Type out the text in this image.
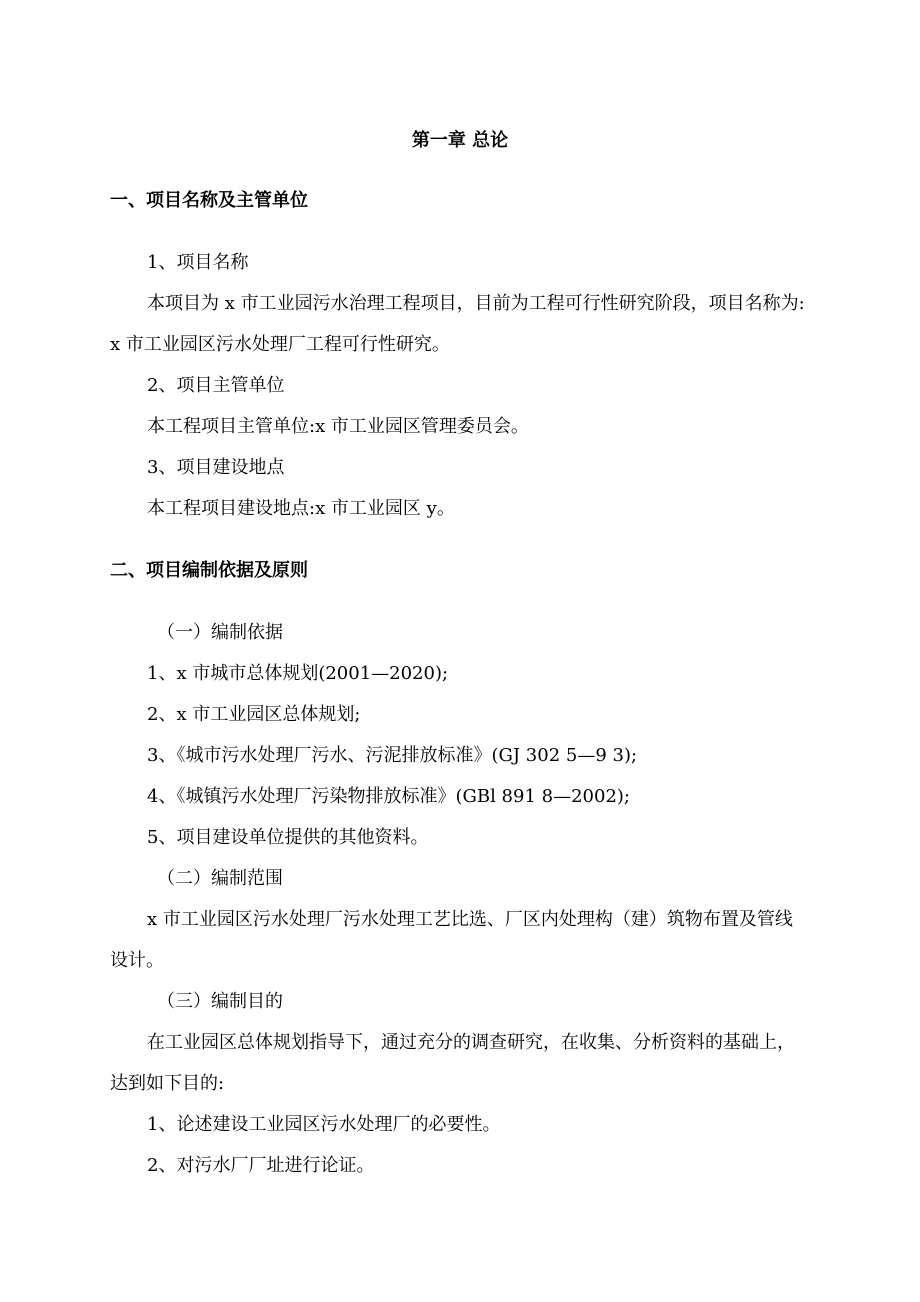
第一章 总论

一、项目名称及主管单位

1、项目名称

本项目为 x 市工业园污水治理工程项目，目前为工程可行性研究阶段，项目名称为:

x 市工业园区污水处理厂工程可行性研究。

2、项目主管单位

本工程项目主管单位:x 市工业园区管理委员会。

3、项目建设地点

本工程项目建设地点:x 市工业园区 y。

二、项目编制依据及原则

（一）编制依据

1、x 市城市总体规划(2001—2020);

2、x 市工业园区总体规划;

3、《城市污水处理厂污水、污泥排放标准》(GJ 302 5—9 3);

4、《城镇污水处理厂污染物排放标准》(GBl 891 8—2002);

5、项目建设单位提供的其他资料。

（二）编制范围

x 市工业园区污水处理厂污水处理工艺比选、厂区内处理构（建）筑物布置及管线

设计。

（三）编制目的

在工业园区总体规划指导下，通过充分的调查研究，在收集、分析资料的基础上，

达到如下目的:

1、论述建设工业园区污水处理厂的必要性。

2、对污水厂厂址进行论证。
